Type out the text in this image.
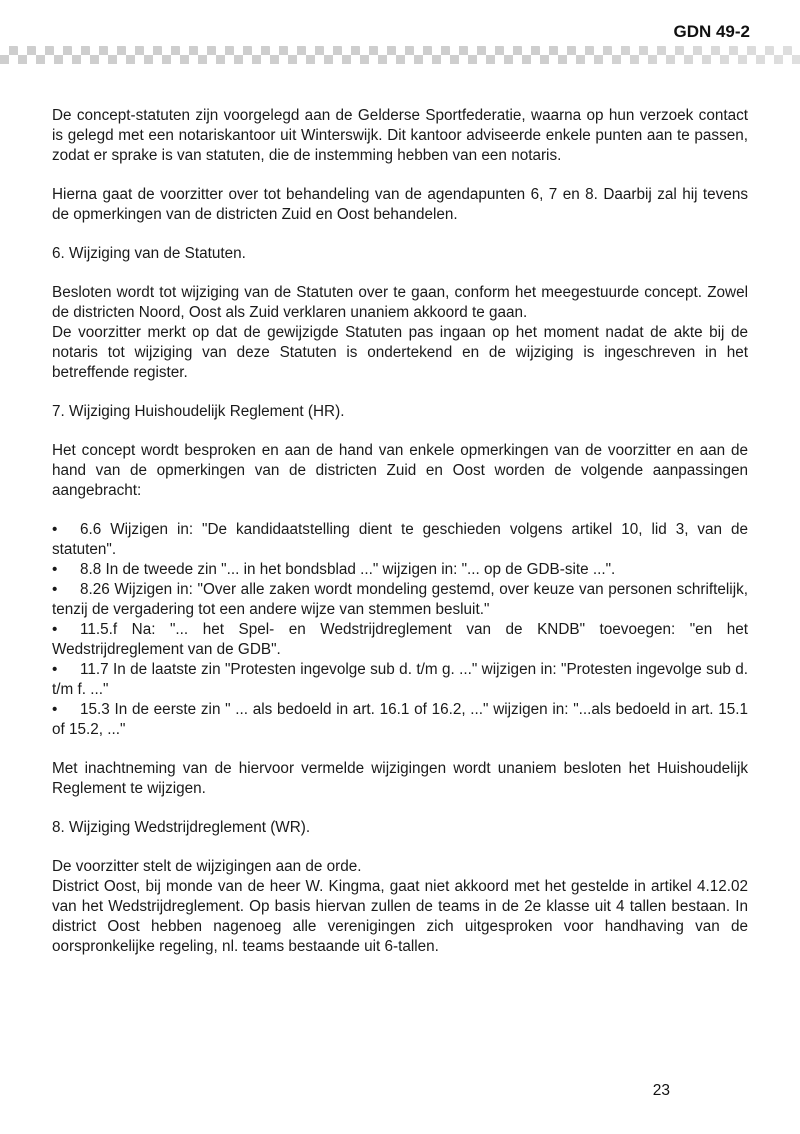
GDN 49-2

De concept-statuten zijn voorgelegd aan de Gelderse Sportfederatie, waarna op hun verzoek contact is gelegd met een notariskantoor uit Winterswijk. Dit kantoor adviseerde enkele punten aan te passen, zodat er sprake is van statuten, die de instemming hebben van een notaris.

Hierna gaat de voorzitter over tot behandeling van de agendapunten 6, 7 en 8. Daarbij zal hij tevens de opmerkingen van de districten Zuid en Oost behandelen.

6. Wijziging van de Statuten.

Besloten wordt tot wijziging van de Statuten over te gaan, conform het meegestuurde concept. Zowel de districten Noord, Oost als Zuid verklaren unaniem akkoord te gaan.

De voorzitter merkt op dat de gewijzigde Statuten pas ingaan op het moment nadat de akte bij de notaris tot wijziging van deze Statuten is ondertekend en de wijziging is ingeschreven in het betreffende register.

7. Wijziging Huishoudelijk Reglement (HR).

Het concept wordt besproken en aan de hand van enkele opmerkingen van de voorzitter en aan de hand van de opmerkingen van de districten Zuid en Oost worden de volgende aanpassingen aangebracht:

• 6.6 Wijzigen in: "De kandidaatstelling dient te geschieden volgens artikel 10, lid 3, van de statuten".
• 8.8 In de tweede zin "... in het bondsblad ..." wijzigen in: "... op de GDB-site ...".
• 8.26 Wijzigen in: "Over alle zaken wordt mondeling gestemd, over keuze van personen schriftelijk, tenzij de vergadering tot een andere wijze van stemmen besluit."
• 11.5.f Na: "... het Spel- en Wedstrijdreglement van de KNDB" toevoegen: "en het Wedstrijdreglement van de GDB".
• 11.7 In de laatste zin "Protesten ingevolge sub d. t/m g. ..." wijzigen in: "Protesten ingevolge sub d. t/m f. ..."
• 15.3 In de eerste zin " ... als bedoeld in art. 16.1 of 16.2, ..." wijzigen in: "...als bedoeld in art. 15.1 of 15.2, ..."

Met inachtneming van de hiervoor vermelde wijzigingen wordt unaniem besloten het Huishoudelijk Reglement te wijzigen.

8. Wijziging Wedstrijdreglement (WR).

De voorzitter stelt de wijzigingen aan de orde.

District Oost, bij monde van de heer W. Kingma, gaat niet akkoord met het gestelde in artikel 4.12.02 van het Wedstrijdreglement. Op basis hiervan zullen de teams in de 2e klasse uit 4 tallen bestaan. In district Oost hebben nagenoeg alle verenigingen zich uitgesproken voor handhaving van de oorspronkelijke regeling, nl. teams bestaande uit 6-tallen.

23
